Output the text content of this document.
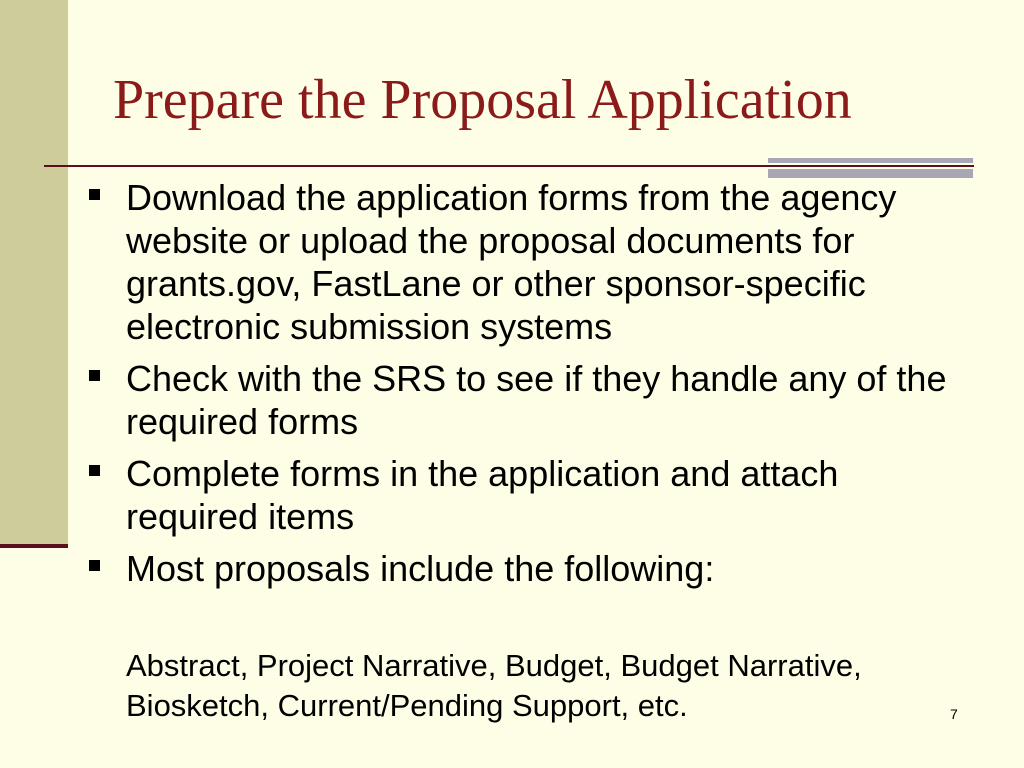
Prepare the Proposal Application
Download the application forms from the agency website or upload the proposal documents for grants.gov, FastLane or other sponsor-specific electronic submission systems
Check with the SRS to see if they handle any of the required forms
Complete forms in the application and attach required items
Most proposals include the following:

Abstract, Project Narrative, Budget, Budget Narrative, Biosketch, Current/Pending Support, etc.	7
